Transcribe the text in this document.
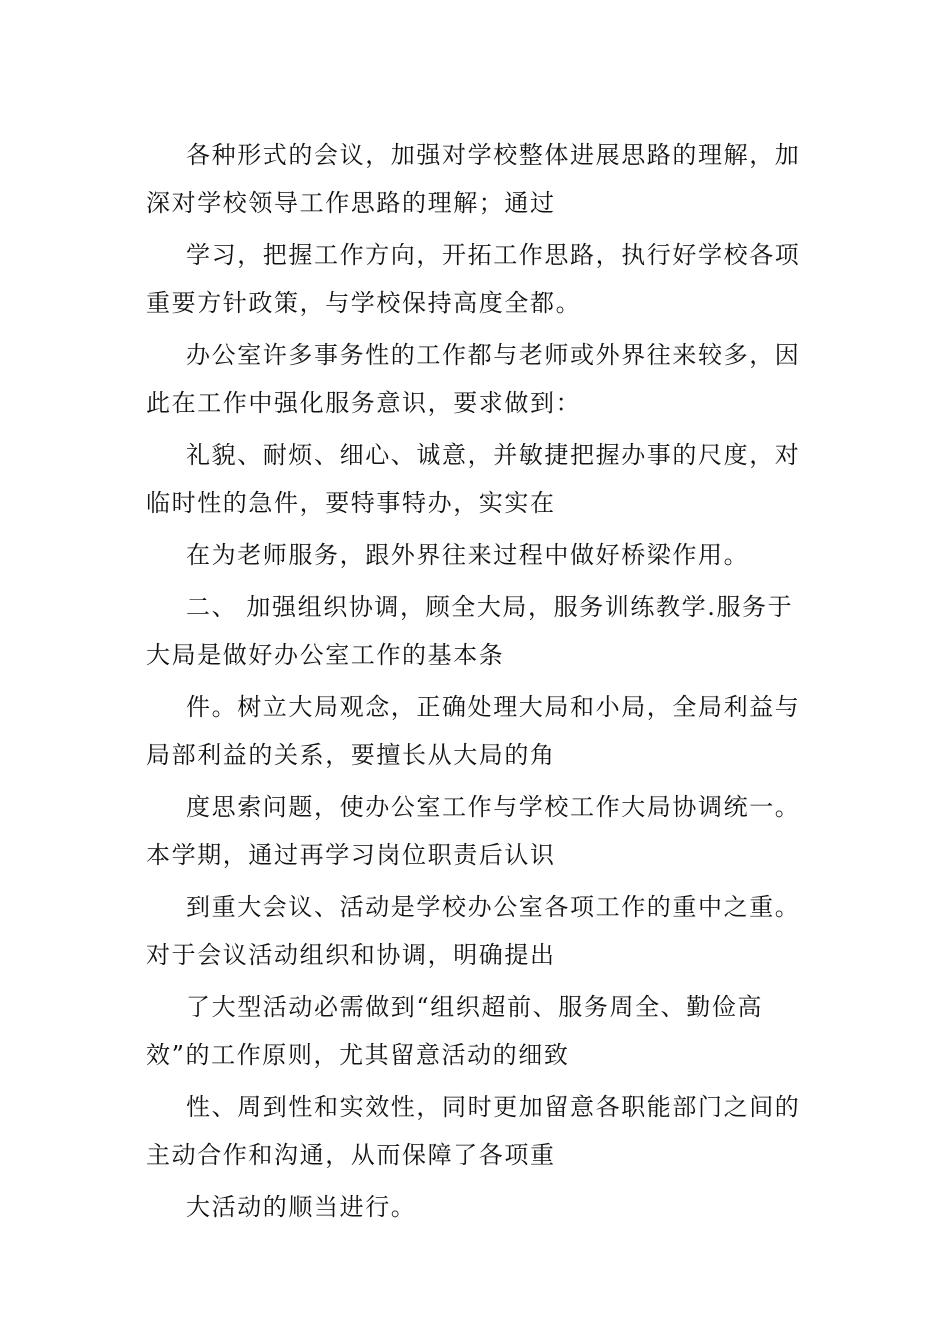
各种形式的会议，加强对学校整体进展思路的理解，加
深对学校领导工作思路的理解；通过
学习，把握工作方向，开拓工作思路，执行好学校各项
重要方针政策，与学校保持高度全都。
办公室许多事务性的工作都与老师或外界往来较多，因
此在工作中强化服务意识，要求做到：
礼貌、耐烦、细心、诚意，并敏捷把握办事的尺度，对
临时性的急件，要特事特办，实实在
在为老师服务，跟外界往来过程中做好桥梁作用。
二、 加强组织协调，顾全大局，服务训练教学.服务于
大局是做好办公室工作的基本条
件。树立大局观念，正确处理大局和小局，全局利益与
局部利益的关系，要擅长从大局的角
度思索问题，使办公室工作与学校工作大局协调统一。
本学期，通过再学习岗位职责后认识
到重大会议、活动是学校办公室各项工作的重中之重。
对于会议活动组织和协调，明确提出
了大型活动必需做到“组织超前、服务周全、勤俭高
效”的工作原则，尤其留意活动的细致
性、周到性和实效性，同时更加留意各职能部门之间的
主动合作和沟通，从而保障了各项重
大活动的顺当进行。
